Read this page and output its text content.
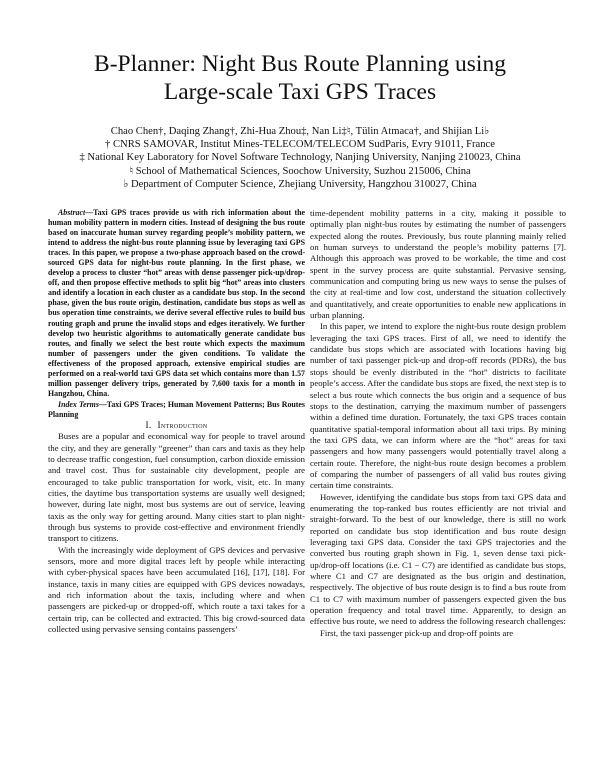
B-Planner: Night Bus Route Planning using
Large-scale Taxi GPS Traces
Chao Chen†, Daqing Zhang†, Zhi-Hua Zhou‡, Nan Li‡♮, Tülin Atmaca†, and Shijian Li♭
† CNRS SAMOVAR, Institut Mines-TELECOM/TELECOM SudParis, Evry 91011, France
‡ National Key Laboratory for Novel Software Technology, Nanjing University, Nanjing 210023, China
♮ School of Mathematical Sciences, Soochow University, Suzhou 215006, China
♭ Department of Computer Science, Zhejiang University, Hangzhou 310027, China

Abstract—Taxi GPS traces provide us with rich information about the human mobility pattern in modern cities. Instead of designing the bus route based on inaccurate human survey regarding people’s mobility pattern, we intend to address the night-bus route planning issue by leveraging taxi GPS traces. In this paper, we propose a two-phase approach based on the crowd-sourced GPS data for night-bus route planning. In the first phase, we develop a process to cluster “hot” areas with dense passenger pick-up/drop-off, and then propose effective methods to split big “hot” areas into clusters and identify a location in each cluster as a candidate bus stop. In the second phase, given the bus route origin, destination, candidate bus stops as well as bus operation time constraints, we derive several effective rules to build bus routing graph and prune the invalid stops and edges iteratively. We further develop two heuristic algorithms to automatically generate candidate bus routes, and finally we select the best route which expects the maximum number of passengers under the given conditions. To validate the effectiveness of the proposed approach, extensive empirical studies are performed on a real-world taxi GPS data set which contains more than 1.57 million passenger delivery trips, generated by 7,600 taxis for a month in Hangzhou, China.

Index Terms—Taxi GPS Traces; Human Movement Patterns; Bus Routes Planning

I. Introduction

Buses are a popular and economical way for people to travel around the city, and they are generally “greener” than cars and taxis as they help to decrease traffic congestion, fuel consumption, carbon dioxide emission and travel cost. Thus for sustainable city development, people are encouraged to take public transportation for work, visit, etc. In many cities, the daytime bus transportation systems are usually well designed; however, during late night, most bus systems are out of service, leaving taxis as the only way for getting around. Many cities start to plan night-through bus systems to provide cost-effective and environment friendly transport to citizens.

With the increasingly wide deployment of GPS devices and pervasive sensors, more and more digital traces left by people while interacting with cyber-physical spaces have been accumulated [16], [17], [18]. For instance, taxis in many cities are equipped with GPS devices nowadays, and rich information about the taxis, including where and when passengers are picked-up or dropped-off, which route a taxi takes for a certain trip, can be collected and extracted. This big crowd-sourced data collected using pervasive sensing contains passengers’

time-dependent mobility patterns in a city, making it possible to optimally plan night-bus routes by estimating the number of passengers expected along the routes. Previously, bus route planning mainly relied on human surveys to understand the people’s mobility patterns [7]. Although this approach was proved to be workable, the time and cost spent in the survey process are quite substantial. Pervasive sensing, communication and computing bring us new ways to sense the pulses of the city at real-time and low cost, understand the situation collectively and quantitatively, and create opportunities to enable new applications in urban planning.

In this paper, we intend to explore the night-bus route design problem leveraging the taxi GPS traces. First of all, we need to identify the candidate bus stops which are associated with locations having big number of taxi passenger pick-up and drop-off records (PDRs), the bus stops should be evenly distributed in the “hot” districts to facilitate people’s access. After the candidate bus stops are fixed, the next step is to select a bus route which connects the bus origin and a sequence of bus stops to the destination, carrying the maximum number of passengers within a defined time duration. Fortunately, the taxi GPS traces contain quantitative spatial-temporal information about all taxi trips. By mining the taxi GPS data, we can inform where are the “hot” areas for taxi passengers and how many passengers would potentially travel along a certain route. Therefore, the night-bus route design becomes a problem of comparing the number of passengers of all valid bus routes giving certain time constraints.

However, identifying the candidate bus stops from taxi GPS data and enumerating the top-ranked bus routes efficiently are not trivial and straight-forward. To the best of our knowledge, there is still no work reported on candidate bus stop identification and bus route design leveraging taxi GPS data. Consider the taxi GPS trajectories and the converted bus routing graph shown in Fig. 1, seven dense taxi pick-up/drop-off locations (i.e. C1 − C7) are identified as candidate bus stops, where C1 and C7 are designated as the bus origin and destination, respectively. The objective of bus route design is to find a bus route from C1 to C7 with maximum number of passengers expected given the bus operation frequency and total travel time. Apparently, to design an effective bus route, we need to address the following research challenges:

First, the taxi passenger pick-up and drop-off points are
